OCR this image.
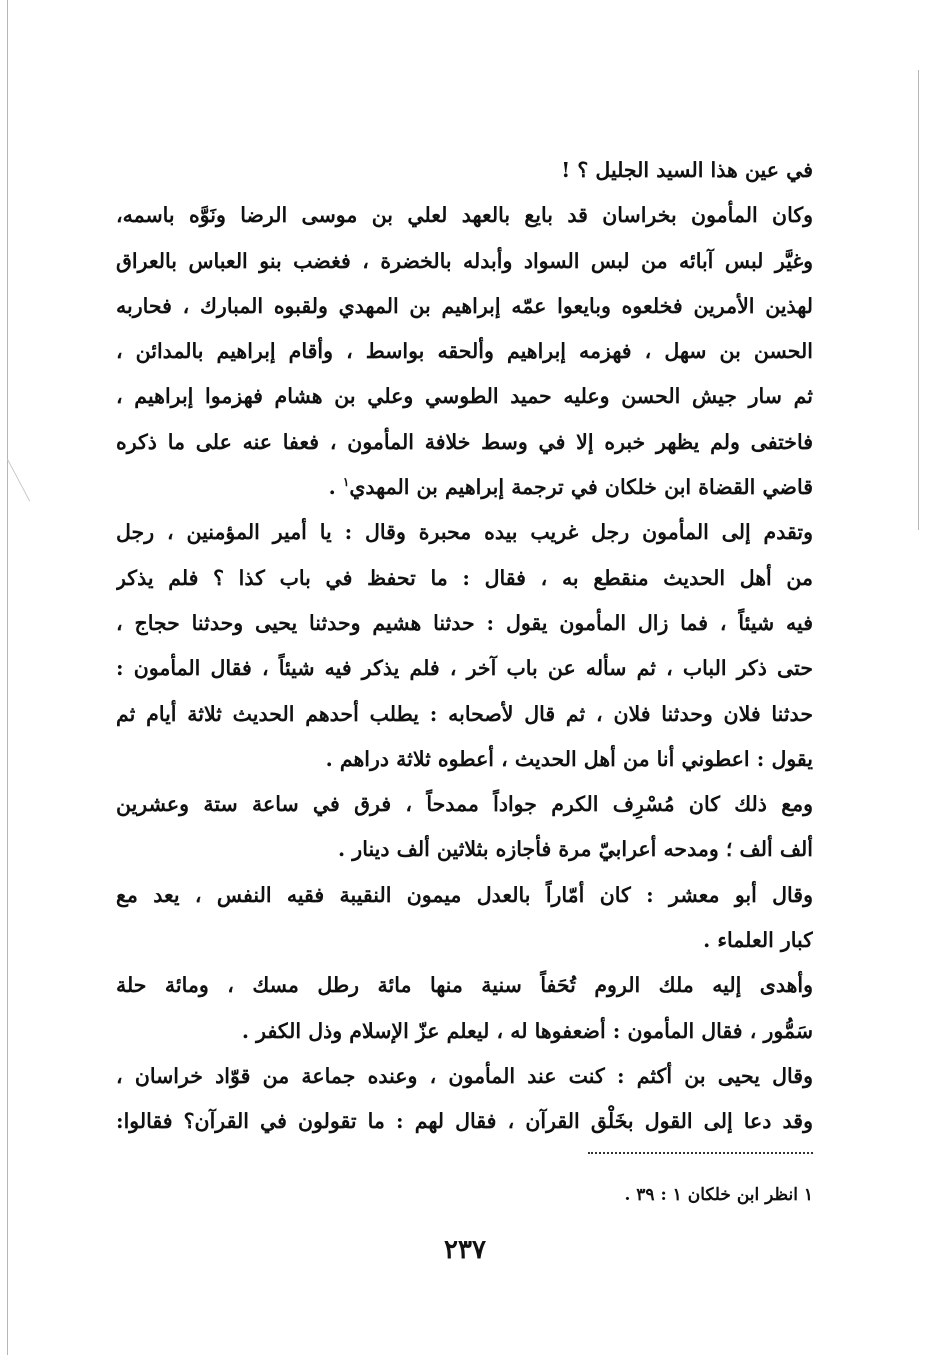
في عين هذا السيد الجليل ؟ !
وكان المأمون بخراسان قد بايع بالعهد لعلي بن موسى الرضا ونَوَّه باسمه،
وغيَّر لبس آبائه من لبس السواد وأبدله بالخضرة ، فغضب بنو العباس بالعراق
لهذين الأمرين فخلعوه وبايعوا عمّه إبراهيم بن المهدي ولقبوه المبارك ، فحاربه
الحسن بن سهل ، فهزمه إبراهيم وألحقه بواسط ، وأقام إبراهيم بالمدائن ،
ثم سار جيش الحسن وعليه حميد الطوسي وعلي بن هشام فهزموا إبراهيم ،
فاختفى ولم يظهر خبره إلا في وسط خلافة المأمون ، فعفا عنه على ما ذكره
قاضي القضاة ابن خلكان في ترجمة إبراهيم بن المهدي$^١$ .
وتقدم إلى المأمون رجل غريب بيده محبرة وقال : يا أمير المؤمنين ، رجل
من أهل الحديث منقطع به ، فقال : ما تحفظ في باب كذا ؟ فلم يذكر
فيه شيئاً ، فما زال المأمون يقول : حدثنا هشيم وحدثنا يحيى وحدثنا حجاج ،
حتى ذكر الباب ، ثم سأله عن باب آخر ، فلم يذكر فيه شيئاً ، فقال المأمون :
حدثنا فلان وحدثنا فلان ، ثم قال لأصحابه : يطلب أحدهم الحديث ثلاثة أيام ثم
يقول : اعطوني أنا من أهل الحديث ، أعطوه ثلاثة دراهم .
ومع ذلك كان مُسْرِف الكرم جواداً ممدحاً ، فرق في ساعة ستة وعشرين
ألف ألف ؛ ومدحه أعرابيّ مرة فأجازه بثلاثين ألف دينار .
وقال أبو معشر : كان أمّاراً بالعدل ميمون النقيبة فقيه النفس ، يعد مع
كبار العلماء .
وأهدى إليه ملك الروم تُحَفاً سنية منها مائة رطل مسك ، ومائة حلة
سَمُّور ، فقال المأمون : أضعفوها له ، ليعلم عزّ الإسلام وذل الكفر .
وقال يحيى بن أكثم : كنت عند المأمون ، وعنده جماعة من قوّاد خراسان ،
وقد دعا إلى القول بخَلْق القرآن ، فقال لهم : ما تقولون في القرآن؟ فقالوا:
١ انظر ابن خلكان ١ : ٣٩ .
٢٣٧
